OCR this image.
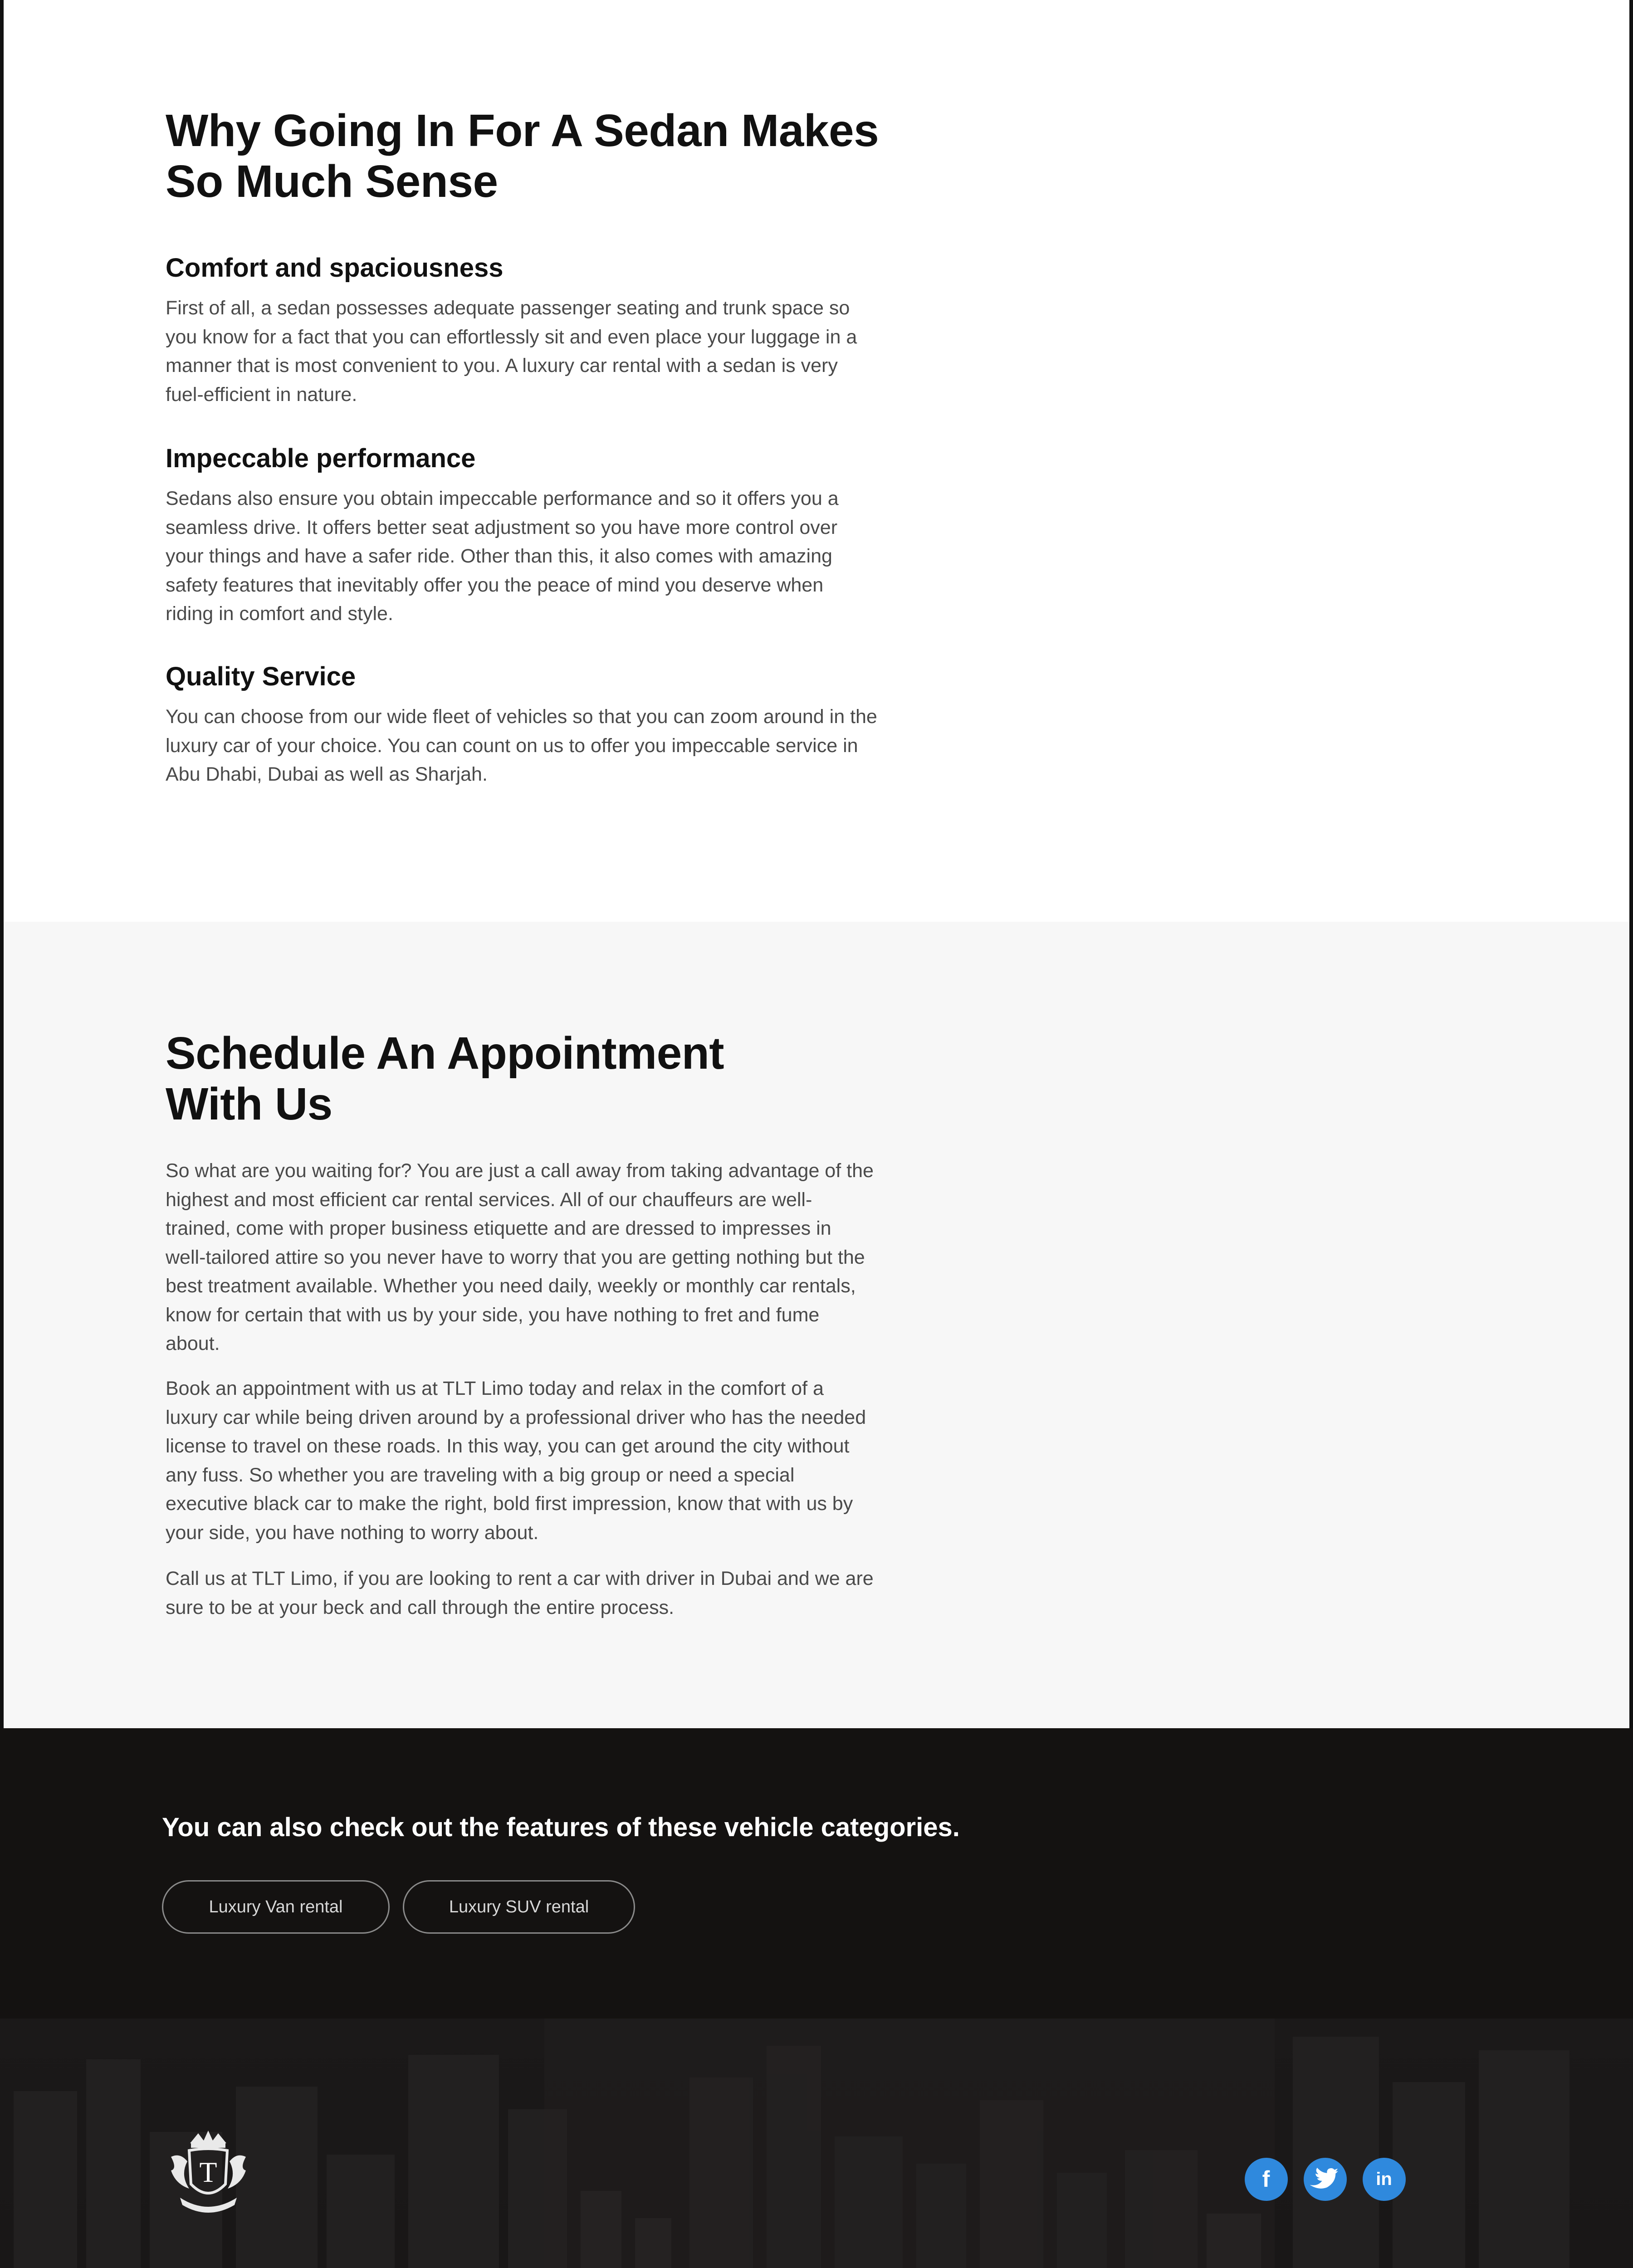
Why Going In For A Sedan Makes
So Much Sense
Comfort and spaciousness

First of all, a sedan possesses adequate passenger seating and trunk space so

you know for a fact that you can effortlessly sit and even place your luggage in a

manner that is most convenient to you. A luxury car rental with a sedan is very

fuel-efficient in nature.

Impeccable performance

Sedans also ensure you obtain impeccable performance and so it offers you a

seamless drive. It offers better seat adjustment so you have more control over

your things and have a safer ride. Other than this, it also comes with amazing

safety features that inevitably offer you the peace of mind you deserve when

riding in comfort and style.

Quality Service

You can choose from our wide fleet of vehicles so that you can zoom around in the

luxury car of your choice. You can count on us to offer you impeccable service in

Abu Dhabi, Dubai as well as Sharjah.

Schedule An Appointment
With Us

So what are you waiting for? You are just a call away from taking advantage of the

highest and most efficient car rental services. All of our chauffeurs are well-

trained, come with proper business etiquette and are dressed to impresses in

well-tailored attire so you never have to worry that you are getting nothing but the

best treatment available. Whether you need daily, weekly or monthly car rentals,

know for certain that with us by your side, you have nothing to fret and fume

about.

Book an appointment with us at TLT Limo today and relax in the comfort of a

luxury car while being driven around by a professional driver who has the needed

license to travel on these roads. In this way, you can get around the city without

any fuss. So whether you are traveling with a big group or need a special

executive black car to make the right, bold first impression, know that with us by

your side, you have nothing to worry about.

Call us at TLT Limo, if you are looking to rent a car with driver in Dubai and we are

sure to be at your beck and call through the entire process.

You can also check out the features of these vehicle categories.
Luxury Van rental	Luxury SUV rental
T	f	in
